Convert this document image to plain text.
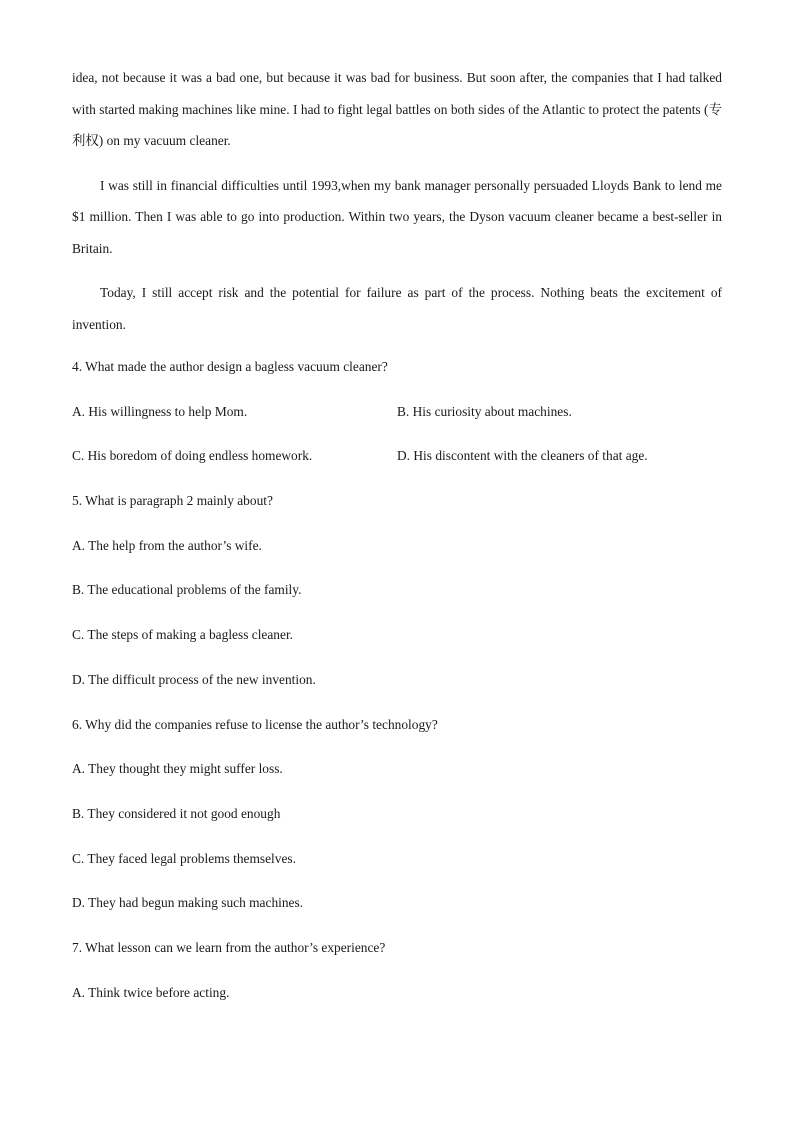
idea, not because it was a bad one, but because it was bad for business. But soon after, the companies that I had talked with started making machines like mine. I had to fight legal battles on both sides of the Atlantic to protect the patents (专利权) on my vacuum cleaner.

I was still in financial difficulties until 1993,when my bank manager personally persuaded Lloyds Bank to lend me $1 million. Then I was able to go into production. Within two years, the Dyson vacuum cleaner became a best-seller in Britain.

Today, I still accept risk and the potential for failure as part of the process. Nothing beats the excitement of invention.

4. What made the author design a bagless vacuum cleaner?
A. His willingness to help Mom.	B. His curiosity about machines.
C. His boredom of doing endless homework.	D. His discontent with the cleaners of that age.
5. What is paragraph 2 mainly about?
A. The help from the author’s wife.
B. The educational problems of the family.
C. The steps of making a bagless cleaner.
D. The difficult process of the new invention.
6. Why did the companies refuse to license the author’s technology?
A. They thought they might suffer loss.
B. They considered it not good enough
C. They faced legal problems themselves.
D. They had begun making such machines.
7. What lesson can we learn from the author’s experience?
A. Think twice before acting.
